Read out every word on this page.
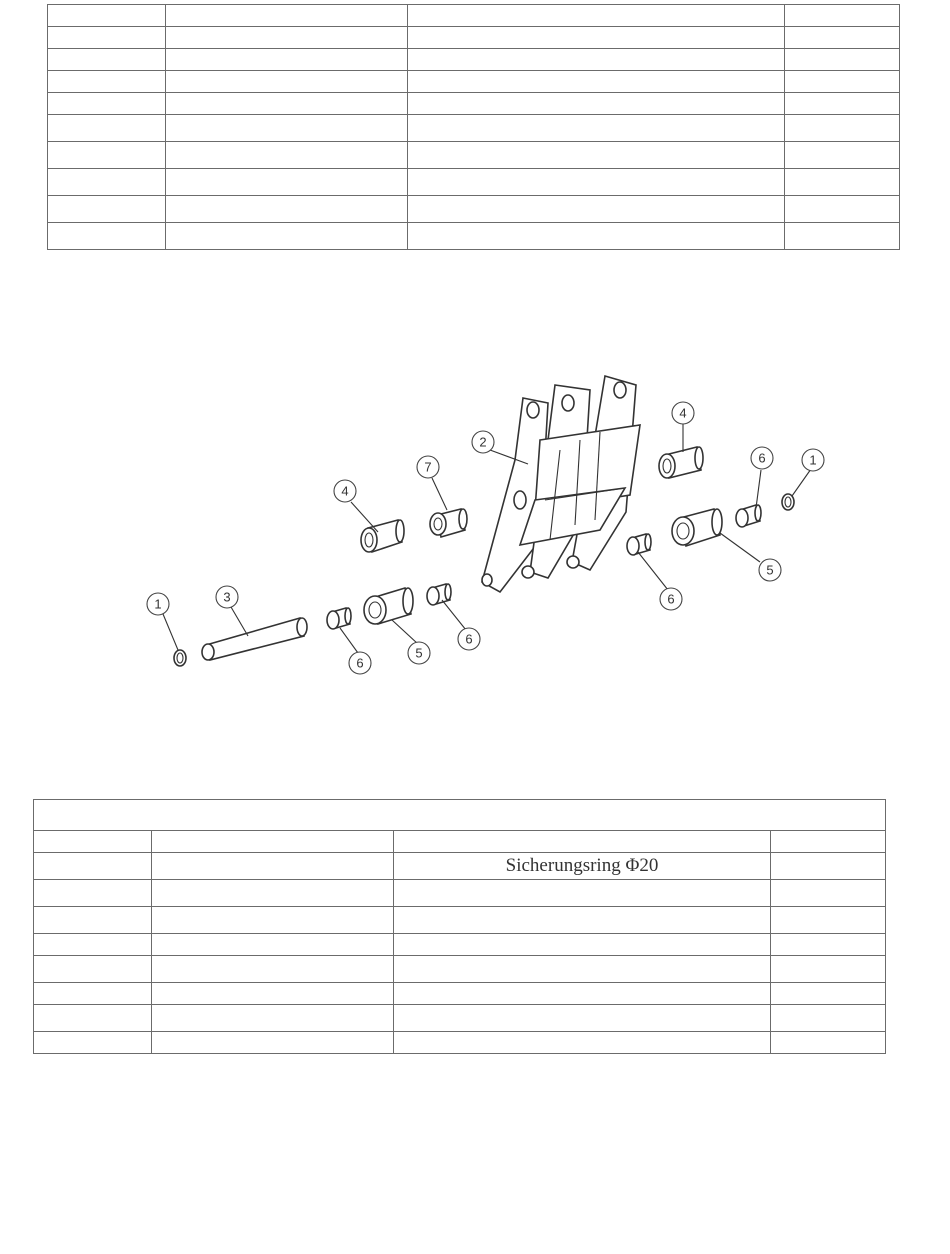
1
2
3
4
7
4
6	1
5
6
6
5
6

		Sicherungsring Φ20	
